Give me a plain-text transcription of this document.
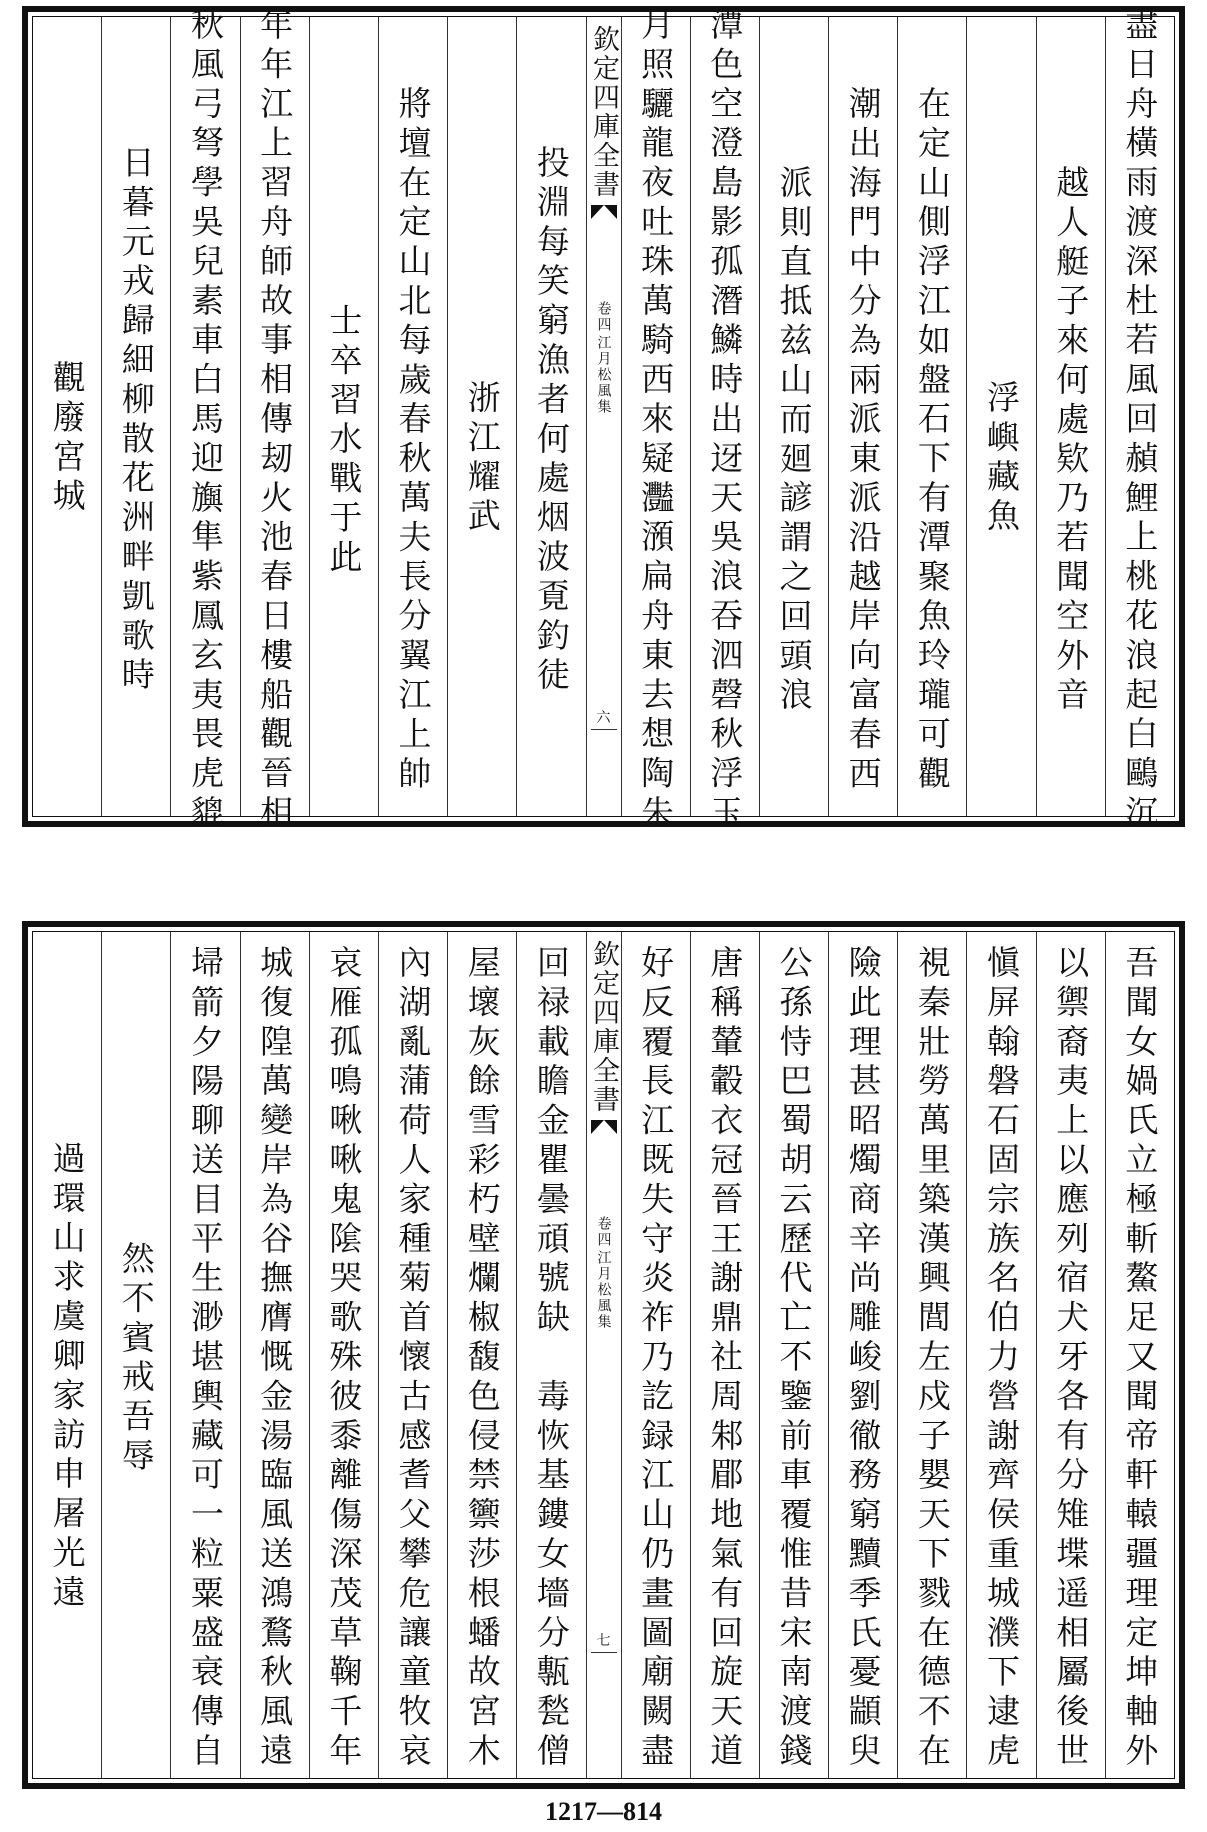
盡日舟橫雨渡深杜若風回赬鯉上桃花浪起白鷗沉
越人艇子來何處欵乃若聞空外音
浮嶼藏魚
在定山側浮江如盤石下有潭聚魚玲瓏可觀
潮出海門中分為兩派東派沿越岸向富春西
派則直抵兹山而廻諺謂之回頭浪
潭色空澄島影孤潛鱗時出迓天吳浪吞泗磬秋浮玉
月照驪龍夜吐珠萬騎西來疑灩澦扁舟東去想陶朱
欽定四庫全書
江月松風集
卷四
六
投淵每笑窮漁者何處烟波覔釣徒
浙江耀武
將壇在定山北每歲春秋萬夫長分翼江上帥
士卒習水戰于此
年年江上習舟師故事相傳刼火池春日樓船觀晉相
秋風弓弩學吳兒素車白馬迎旟隼紫鳳玄夷畏虎貔
日暮元戎歸細柳散花洲畔凱歌時
觀廢宮城
吾聞女媧氏立極斬鰲足又聞帝軒轅疆理定坤軸外
以禦裔夷上以應列宿犬牙各有分雉堞遥相屬後世
愼屏翰磐石固宗族名伯力營謝齊侯重城濮下逮虎
視秦壯勞萬里築漢興閭左戍子嬰天下戮在德不在
險此理甚昭燭商辛尚雕峻劉徹務窮黷季氏憂顓臾
公孫恃巴蜀胡云歷代亡不鑒前車覆惟昔宋南渡錢
唐稱輦轂衣冠晉王謝鼎社周邾郿地氣有回旋天道
好反覆長江既失守炎祚乃訖録江山仍畫圖廟闕盡
欽定四庫全書
江月松風集
卷四
七
回禄載瞻金瞿曇頑號缺　毒恢基鏤女墻分甎甃僧
屋壞灰餘雪彩朽壁爛椒馥色侵禁籞莎根蟠故宮木
內湖亂蒲荷人家種菊首懷古感耆父攀危讓童牧哀
哀雁孤鳴啾啾鬼隂哭歌殊彼黍離傷深茂草鞠千年
城復隍萬變岸為谷撫膺慨金湯臨風送鴻鶩秋風遠
埽箭夕陽聊送目平生渺堪輿藏可一粒粟盛衰傳自
然不賓戒吾辱
過環山求虞卿家訪申屠光遠
1217—814
